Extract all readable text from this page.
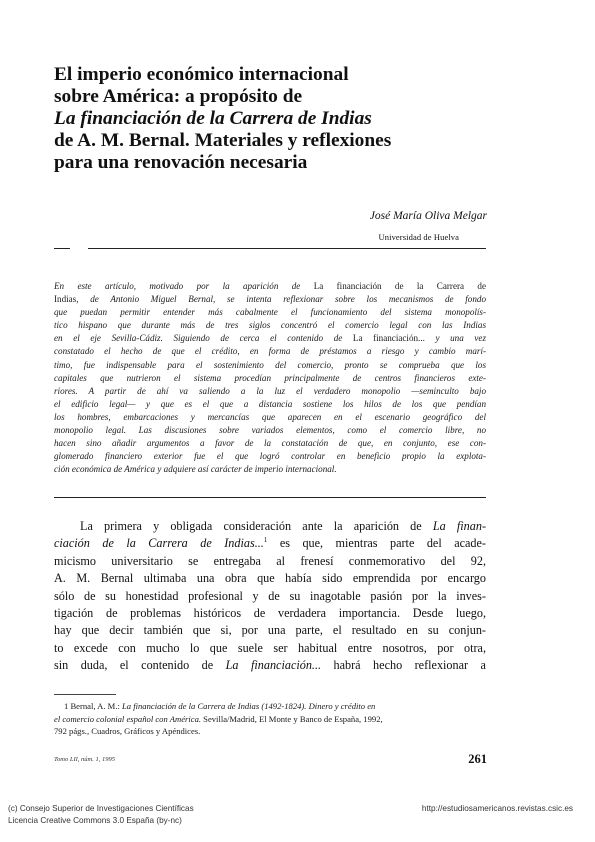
El imperio económico internacional
sobre América: a propósito de
La financiación de la Carrera de Indias
de A. M. Bernal. Materiales y reflexiones
para una renovación necesaria
José María Oliva Melgar
Universidad de Huelva
En este artículo, motivado por la aparición de La financiación de la Carrera de
Indias, de Antonio Miguel Bernal, se intenta reflexionar sobre los mecanismos de fondo
que puedan permitir entender más cabalmente el funcionamiento del sistema monopolís-
tico hispano que durante más de tres siglos concentró el comercio legal con las Indias
en el eje Sevilla-Cádiz. Siguiendo de cerca el contenido de La financiación... y una vez
constatado el hecho de que el crédito, en forma de préstamos a riesgo y cambio marí-
timo, fue indispensable para el sostenimiento del comercio, pronto se comprueba que los
capitales que nutrieron el sistema procedían principalmente de centros financieros exte-
riores. A partir de ahí va saliendo a la luz el verdadero monopolio —seminculto bajo
el edificio legal— y que es el que a distancia sostiene los hilos de los que pendían
los hombres, embarcaciones y mercancías que aparecen en el escenario geográfico del
monopolio legal. Las discusiones sobre variados elementos, como el comercio libre, no
hacen sino añadir argumentos a favor de la constatación de que, en conjunto, ese con-
glomerado financiero exterior fue el que logró controlar en beneficio propio la explota-
ción económica de América y adquiere así carácter de imperio internacional.
La primera y obligada consideración ante la aparición de La finan-
ciación de la Carrera de Indias...$^1$ es que, mientras parte del acade-
micismo universitario se entregaba al frenesí conmemorativo del 92,
A. M. Bernal ultimaba una obra que había sido emprendida por encargo
sólo de su honestidad profesional y de su inagotable pasión por la inves-
tigación de problemas históricos de verdadera importancia. Desde luego,
hay que decir también que si, por una parte, el resultado en su conjun-
to excede con mucho lo que suele ser habitual entre nosotros, por otra,
sin duda, el contenido de La financiación... habrá hecho reflexionar a
1 Bernal, A. M.: La financiación de la Carrera de Indias (1492-1824). Dinero y crédito en
el comercio colonial español con América. Sevilla/Madrid, El Monte y Banco de España, 1992,
792 págs., Cuadros, Gráficos y Apéndices.
Tomo LII, núm. 1, 1995	261
(c) Consejo Superior de Investigaciones Científicas
Licencia Creative Commons 3.0 España (by-nc)
http://estudiosamericanos.revistas.csic.es
